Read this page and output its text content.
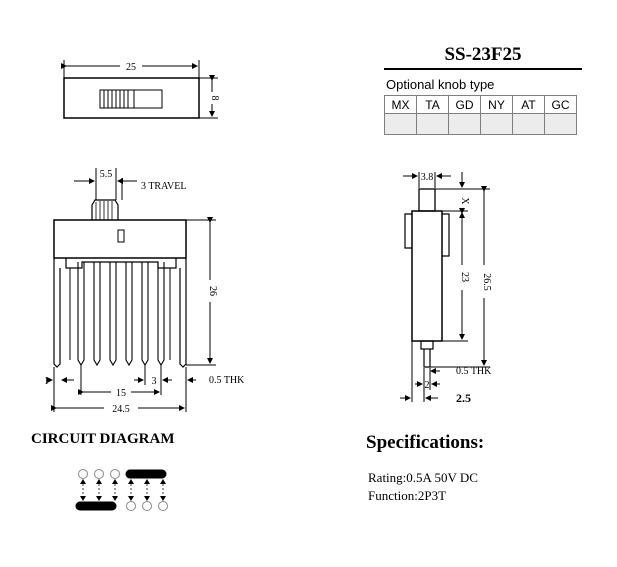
25
8
5.5
3 TRAVEL
26
1	3	0.5 THK
15
24.5
3.8
X
23 26.5
0.5 THK
2
2.5
SS-23F25
Optional knob type
MX	TA	GD	NY	AT	GC

CIRCUIT DIAGRAM	Specifications:
Rating:0.5A 50V DC
Function:2P3T
